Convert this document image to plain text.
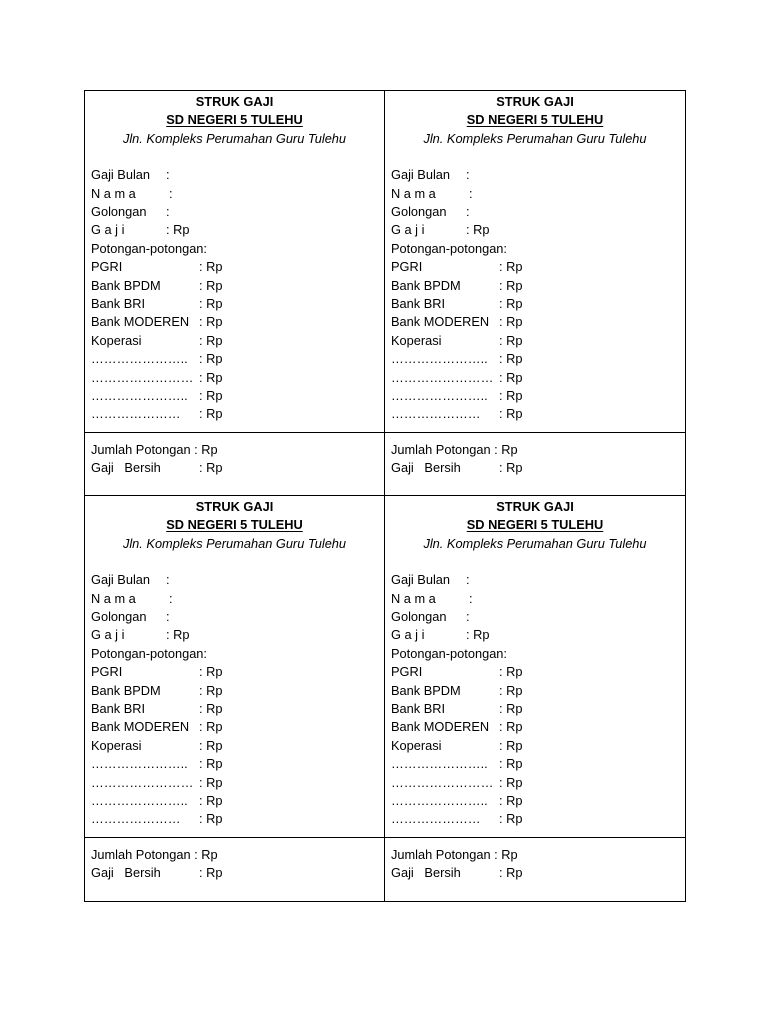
STRUK GAJI
SD NEGERI 5 TULEHU
Jln. Kompleks Perumahan Guru Tulehu
Gaji Bulan :
N a m a	:
Golongan :
G a j i	: Rp
Potongan-potongan:
PGRI	: Rp
Bank BPDM	: Rp
Bank BRI	: Rp
Bank MODEREN : Rp
Koperasi	: Rp
………………….. : Rp
…………………… : Rp
………………….. : Rp
………………… : Rp
Jumlah Potongan : Rp
Gaji   Bersih	: Rp
STRUK GAJI
SD NEGERI 5 TULEHU
Jln. Kompleks Perumahan Guru Tulehu
Gaji Bulan :
N a m a	:
Golongan :
G a j i	: Rp
Potongan-potongan:
PGRI	: Rp
Bank BPDM	: Rp
Bank BRI	: Rp
Bank MODEREN : Rp
Koperasi	: Rp
………………….. : Rp
…………………… : Rp
………………….. : Rp
………………… : Rp
Jumlah Potongan : Rp
Gaji   Bersih	: Rp
STRUK GAJI
SD NEGERI 5 TULEHU
Jln. Kompleks Perumahan Guru Tulehu
Gaji Bulan :
N a m a	:
Golongan :
G a j i	: Rp
Potongan-potongan:
PGRI	: Rp
Bank BPDM	: Rp
Bank BRI	: Rp
Bank MODEREN : Rp
Koperasi	: Rp
………………….. : Rp
…………………… : Rp
………………….. : Rp
………………… : Rp
Jumlah Potongan : Rp
Gaji   Bersih	: Rp
STRUK GAJI
SD NEGERI 5 TULEHU
Jln. Kompleks Perumahan Guru Tulehu
Gaji Bulan :
N a m a	:
Golongan :
G a j i	: Rp
Potongan-potongan:
PGRI	: Rp
Bank BPDM	: Rp
Bank BRI	: Rp
Bank MODEREN : Rp
Koperasi	: Rp
………………….. : Rp
…………………… : Rp
………………….. : Rp
………………… : Rp
Jumlah Potongan : Rp
Gaji   Bersih	: Rp
